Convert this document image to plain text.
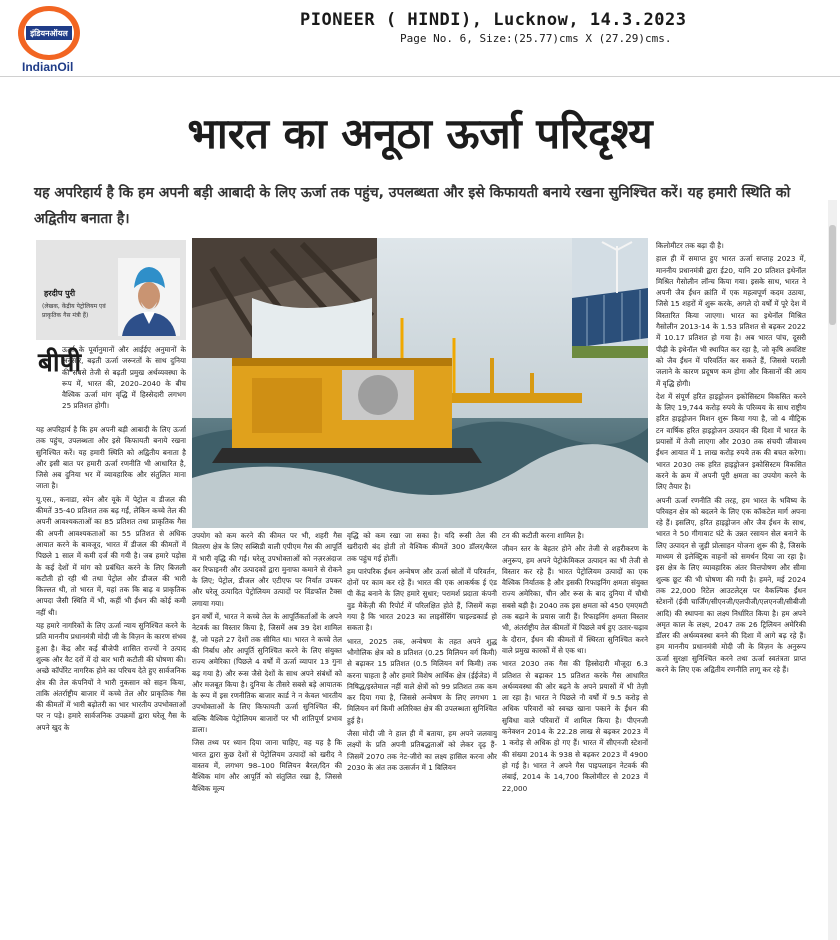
इंडियनऑयल
IndianOil
PIONEER ( HINDI), Lucknow, 14.3.2023
Page No. 6, Size:(25.77)cms X (27.29)cms.
भारत का अनूठा ऊर्जा परिदृश्य
यह अपरिहार्य है कि हम अपनी बड़ी आबादी के लिए ऊर्जा तक पहुंच, उपलब्धता और इसे किफायती बनाये रखना सुनिश्चित करें। यह हमारी स्थिति को अद्वितीय बनाता है।
हरदीप पुरी
(लेखक, केंद्रीय पेट्रोलियम एवं प्राकृतिक गैस मंत्री हैं)
बीपी

ऊर्जा के पूर्वानुमानों और आईईए अनुमानों के अनुसार, बढ़ती ऊर्जा जरूरतों के साथ दुनिया की सबसे तेजी से बढ़ती प्रमुख अर्थव्यवस्था के रूप में, भारत की, 2020–2040 के बीच वैश्विक ऊर्जा मांग वृद्धि में हिस्सेदारी लगभग 25 प्रतिशत होगी।

यह अपरिहार्य है कि हम अपनी बड़ी आबादी के लिए ऊर्जा तक पहुंच, उपलब्धता और इसे किफायती बनाये रखना सुनिश्चित करें। यह हमारी स्थिति को अद्वितीय बनाता है और इसी बात पर हमारी ऊर्जा रणनीति भी आधारित है, जिसे अब दुनिया भर में व्यावहारिक और संतुलित माना जाता है।

यू.एस., कनाडा, स्पेन और यूके में पेट्रोल व डीजल की कीमतें 35-40 प्रतिशत तक बढ़ गईं, लेकिन कच्चे तेल की अपनी आवश्यकताओं का 85 प्रतिशत तथा प्राकृतिक गैस की अपनी आवश्यकताओं का 55 प्रतिशत से अधिक आयात करने के बावजूद, भारत में डीजल की कीमतों में पिछले 1 साल में कमी दर्ज की गयी है। जब हमारे पड़ोस के कई देशों में मांग को प्रबंधित करने के लिए बिजली कटौती हो रही थी तथा पेट्रोल और डीजल की भारी किल्लत थी, तो भारत में, यहां तक कि बाढ़ व प्राकृतिक आपदा जैसी स्थिति में भी, कहीं भी ईंधन की कोई कमी नहीं थी।

यह हमारे नागरिकों के लिए ऊर्जा न्याय सुनिश्चित करने के प्रति माननीय प्रधानमंत्री मोदी जी के विज़न के कारण संभव हुआ है। केंद्र और कई बीजेपी शासित राज्यों ने उत्पाद शुल्क और वैट दरों में दो बार भारी कटौती की घोषणा की। अच्छे कॉर्पोरेट नागरिक होने का परिचय देते हुए सार्वजनिक क्षेत्र की तेल कंपनियों ने भारी नुकसान को सहन किया, ताकि अंतर्राष्ट्रीय बाजार में कच्चे तेल और प्राकृतिक गैस की कीमतों में भारी बढ़ोतरी का भार भारतीय उपभोक्ताओं पर न पड़े। हमारे सार्वजनिक उपक्रमों द्वारा घरेलू गैस के अपने खुद के

उपयोग को कम करने की कीमत पर भी, शहरी गैस वितरण क्षेत्र के लिए सब्सिडी वाली एपीएम गैस की आपूर्ति में भारी वृद्धि की गई। घरेलू उपभोक्ताओं को नज़रअंदाज कर रिफाइनरी और उत्पादकों द्वारा मुनाफा कमाने से रोकने के लिए; पेट्रोल, डीजल और एटीएफ पर निर्यात उपकर और घरेलू उत्पादित पेट्रोलियम उत्पादों पर विंडफॉल टैक्स लगाया गया।

इन वर्षों में, भारत ने कच्चे तेल के आपूर्तिकर्ताओं के अपने नेटवर्क का विस्तार किया है, जिसमें अब 39 देश शामिल हैं, जो पहले 27 देशों तक सीमित था। भारत ने कच्चे तेल की निर्बाध और आपूर्ति सुनिश्चित करने के लिए संयुक्त राज्य अमेरिका (पिछले 4 वर्षों में ऊर्जा व्यापार 13 गुना बढ़ गया है) और रूस जैसे देशों के साथ अपने संबंधों को और मजबूत किया है। दुनिया के तीसरे सबसे बड़े आयातक के रूप में इस रणनीतिक बाजार कार्ड ने न केवल भारतीय उपभोक्ताओं के लिए किफायती ऊर्जा सुनिश्चित की, बल्कि वैश्विक पेट्रोलियम बाजारों पर भी शांतिपूर्ण प्रभाव डाला।

जिस तथ्य पर ध्यान दिया जाना चाहिए, वह यह है कि भारत द्वारा कुछ देशों से पेट्रोलियम उत्पादों को खरीद ने वास्तव में, लगभग 98–100 मिलियन बैरल/दिन की वैश्विक मांग और आपूर्ति को संतुलित रखा है, जिससे वैश्विक मूल्य

वृद्धि को कम रखा जा सका है। यदि रूसी तेल की खरीदारी बंद होती तो वैश्विक कीमतें 300 डॉलर/बैरल तक पहुंच गई होतीं।

हम पारंपरिक ईंधन अन्वेषण और ऊर्जा स्रोतों में परिवर्तन, दोनों पर काम कर रहे हैं। भारत की एक आकर्षक ई एंड पी केंद्र बनाने के लिए हमारे सुधार; परामर्श प्रदाता कंपनी वुड मैकेंज़ी की रिपोर्ट में परिलक्षित होते हैं, जिसमें कहा गया है कि भारत 2023 का लाइसेंसिंग चाइल्डकार्ड हो सकता है।

भारत, 2025 तक, अन्वेषण के तहत अपने शुद्ध भौगोलिक क्षेत्र को 8 प्रतिशत (0.25 मिलियन वर्ग किमी) से बढ़ाकर 15 प्रतिशत (0.5 मिलियन वर्ग किमी) तक करना चाहता है और हमारे विशेष आर्थिक क्षेत्र (ईईजेड) में निषिद्ध/इस्तेमाल नहीं वाले क्षेत्रों को 99 प्रतिशत तक कम कर दिया गया है, जिससे अन्वेषण के लिए लगभग 1 मिलियन वर्ग किमी अतिरिक्त क्षेत्र की उपलब्धता सुनिश्चित हुई है।

जैसा मोदी जी ने हाल ही में बताया, हम अपने जलवायु लक्ष्यों के प्रति अपनी प्रतिबद्धताओं को लेकर दृढ़ हैं- जिसमें 2070 तक नेट-जीरो का लक्ष्य हासिल करना और 2030 के अंत तक उत्सर्जन में 1 बिलियन

टन की कटौती करना शामिल है।

जीवन स्तर के बेहतर होने और तेजी से शहरीकरण के अनुरूप, हम अपने पेट्रोकेमिकल उत्पादन का भी तेजी से विस्तार कर रहे हैं। भारत पेट्रोलियम उत्पादों का एक वैश्विक निर्यातक है और इसकी रिफाइनिंग क्षमता संयुक्त राज्य अमेरिका, चीन और रूस के बाद दुनिया में चौथी सबसे बड़ी है। 2040 तक इस क्षमता को 450 एमएमटी तक बढ़ाने के प्रयास जारी हैं। रिफाइनिंग क्षमता विस्तार भी, अंतर्राष्ट्रीय तेल कीमतों में पिछले वर्ष हुए उतार-चढ़ाव के दौरान, ईंधन की कीमतों में स्थिरता सुनिश्चित करने वाले प्रमुख कारकों में से एक था।

भारत 2030 तक गैस की हिस्सेदारी मौजूदा 6.3 प्रतिशत से बढ़ाकर 15 प्रतिशत करके गैस आधारित अर्थव्यवस्था की ओर बढ़ने के अपने प्रयासों में भी तेज़ी ला रहा है। भारत ने पिछले नौ वर्षों में 9.5 करोड़ से अधिक परिवारों को स्वच्छ खाना पकाने के ईंधन की सुविधा वाले परिवारों में शामिल किया है। पीएनजी कनेक्शन 2014 के 22.28 लाख से बढ़कर 2023 में 1 करोड़ से अधिक हो गए हैं। भारत में सीएनजी स्टेशनों की संख्या 2014 के 938 से बढ़कर 2023 में 4900 हो गई है। भारत ने अपने गैस पाइपलाइन नेटवर्क की लंबाई, 2014 के 14,700 किलोमीटर से 2023 में 22,000

किलोमीटर तक बढ़ा दी है।

हाल ही में समाप्त हुए भारत ऊर्जा सप्ताह 2023 में, माननीय प्रधानमंत्री द्वारा ई20, यानि 20 प्रतिशत इथेनॉल मिश्रित गैसोलीन लॉन्च किया गया। इसके साथ, भारत ने अपनी जैव ईंधन क्रांति में एक महत्वपूर्ण कदम उठाया, जिसे 15 शहरों में शुरू करके, अगले दो वर्षों में पूरे देश में विस्तारित किया जाएगा। भारत का इथेनॉल मिश्रित गैसोलीन 2013-14 के 1.53 प्रतिशत से बढ़कर 2022 में 10.17 प्रतिशत हो गया है। अब भारत पांच, दूसरी पीढ़ी के इथेनॉल भी स्थापित कर रहा है, जो कृषि अवशिष्ट को जैव ईंधन में परिवर्तित कर सकते हैं, जिससे पराली जलाने के कारण प्रदूषण कम होगा और किसानों की आय में वृद्धि होगी।

देश में संपूर्ण हरित हाइड्रोजन इकोसिस्टम विकसित करने के लिए 19,744 करोड़ रुपये के परिव्यय के साथ राष्ट्रीय हरित हाइड्रोजन मिशन शुरू किया गया है, जो 4 मीट्रिक टन वार्षिक हरित हाइड्रोजन उत्पादन की दिशा में भारत के प्रयासों में तेजी लाएगा और 2030 तक संचयी जीवाश्म ईंधन आयात में 1 लाख करोड़ रुपये तक की बचत करेगा। भारत 2030 तक हरित हाइड्रोजन इकोसिस्टम विकसित करने के क्रम में अपनी पूरी क्षमता का उपयोग करने के लिए तैयार है।

अपनी ऊर्जा रणनीति की तरह, हम भारत के भविष्य के परिवहन क्षेत्र को बदलने के लिए एक कॉकटेल मार्ग अपना रहे हैं। इसलिए, हरित हाइड्रोजन और जैव ईंधन के साथ, भारत ने 50 गीगावाट घंटे के उन्नत रसायन सेल बनाने के लिए उत्पादन से जुड़ी प्रोत्साहन योजना शुरू की है, जिसके माध्यम से इलेक्ट्रिक वाहनों को समर्थन दिया जा रहा है। इस क्षेत्र के लिए व्यावहारिक अंतर वित्तपोषण और सीमा शुल्क छूट की भी घोषणा की गयी है। हमने, मई 2024 तक 22,000 रिटेल आउटलेट्स पर वैकल्पिक ईंधन स्टेशनों (ईवी चार्जिंग/सीएनजी/एलपीजी/एलएनजी/सीबीजी आदि) की स्थापना का लक्ष्य निर्धारित किया है। हम अपने अमृत काल के लक्ष्य, 2047 तक 26 ट्रिलियन अमेरिकी डॉलर की अर्थव्यवस्था बनने की दिशा में आगे बढ़ रहे हैं। हम माननीय प्रधानमंत्री मोदी जी के विज़न के अनुरूप ऊर्जा सुरक्षा सुनिश्चित करने तथा ऊर्जा स्वतंत्रता प्राप्त करने के लिए एक अद्वितीय रणनीति लागू कर रहे हैं।
